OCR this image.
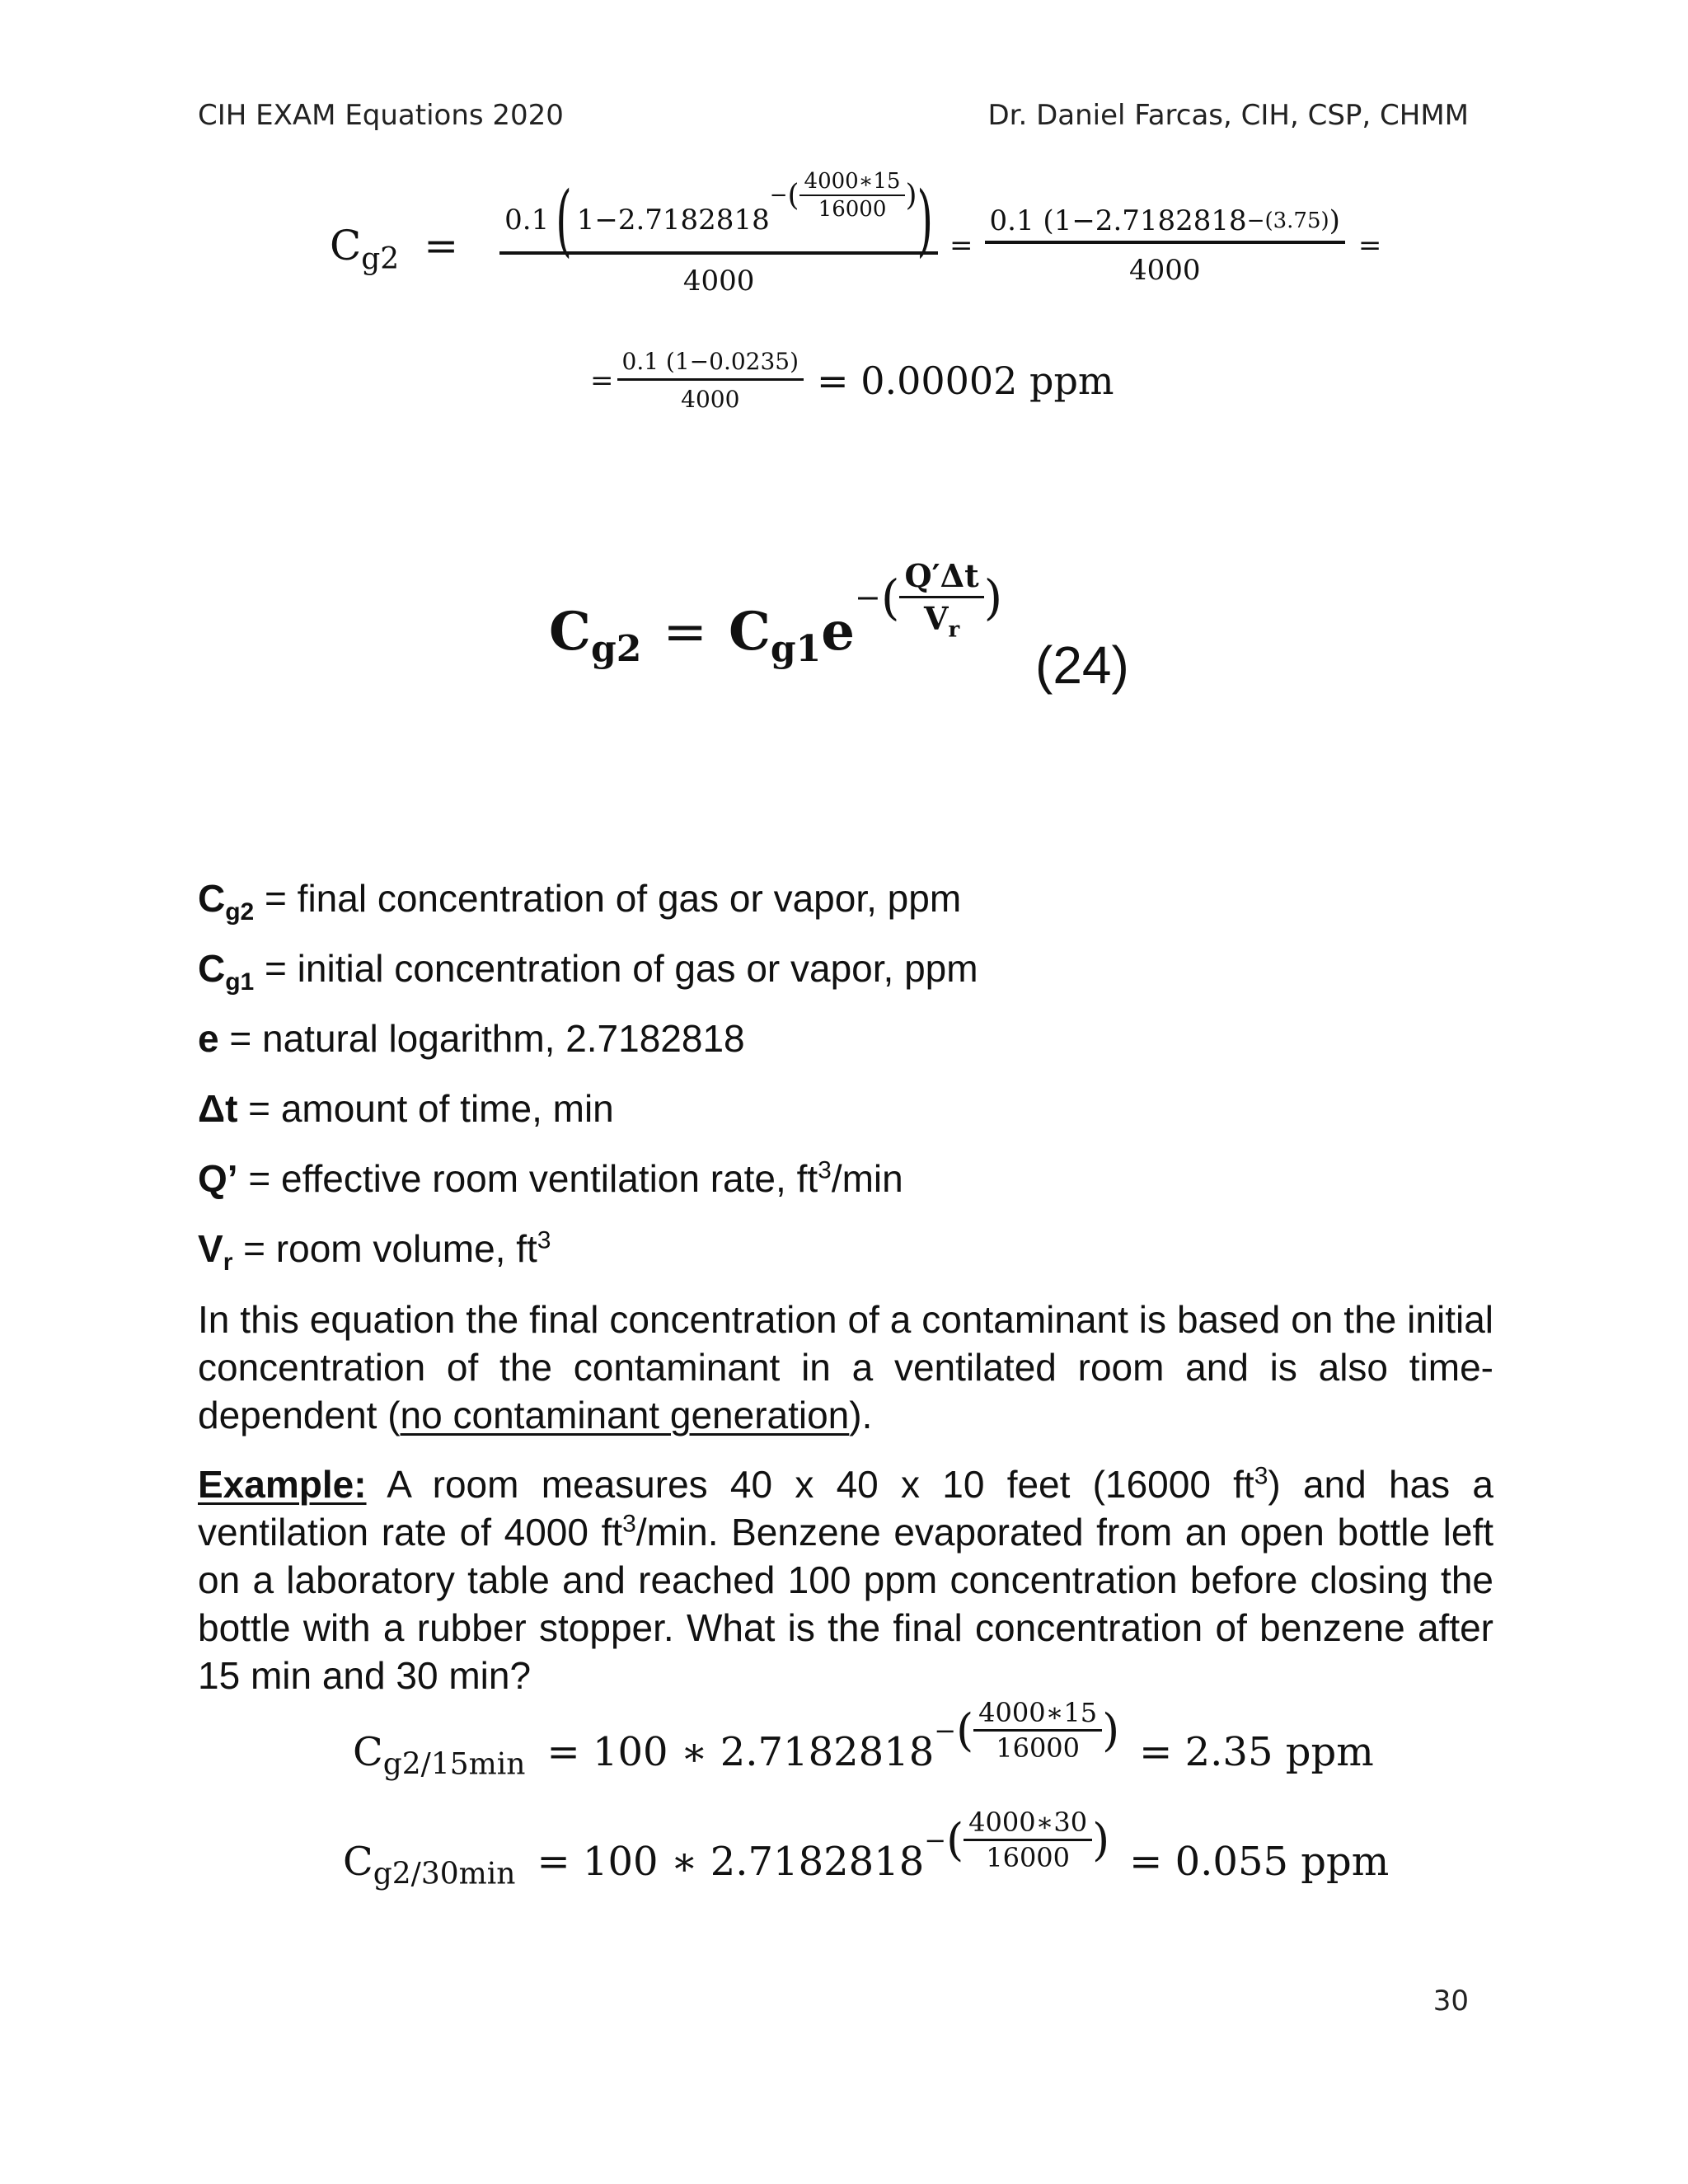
CIH EXAM Equations 2020	Dr. Daniel Farcas, CIH, CSP, CHMM
$C_{g2}$ =
0.1 ( 1−2.7182818
− ( $\frac{4000∗15}{16000}$ ) )
4000
= $\frac{0.1 (1-2.7182818 -(3.75) )}{4000}$ =
= $\frac{0.1 (1-0.0235)}{4000} = 0.00002$ ppm
$C_{g2} = C_{g1}$ e
− ( $\frac{Q'\Delta t}{V_r}$ )
(24)
$C_{g2}$ = final concentration of gas or vapor, ppm
$C_{g1}$ = initial concentration of gas or vapor, ppm
e = natural logarithm, 2.7182818
Δt = amount of time, min
Q’ = effective room ventilation rate, $ft^3/\min$
$V_r$ = room volume, $ft^3$
In this equation the final concentration of a contaminant is based on the initial concentration of the contaminant in a ventilated room and is also time-dependent (no contaminant generation).
Example: A room measures 40 x 40 x 10 feet (16000 $ft^3$) and has a ventilation rate of 4000 $ft^3/\min$. Benzene evaporated from an open bottle left on a laboratory table and reached 100 ppm concentration before closing the bottle with a rubber stopper. What is the final concentration of benzene after 15 min and 30 min?
$C_{g2/15min} = 100$ ∗ 2.7182818 − ( $\frac{4000∗15}{16000}$ ) = 2.35 ppm
$C_{g2/30min} = 100$ ∗ 2.7182818 − ( $\frac{4000∗30}{16000}$ ) = 0.055 ppm
30
